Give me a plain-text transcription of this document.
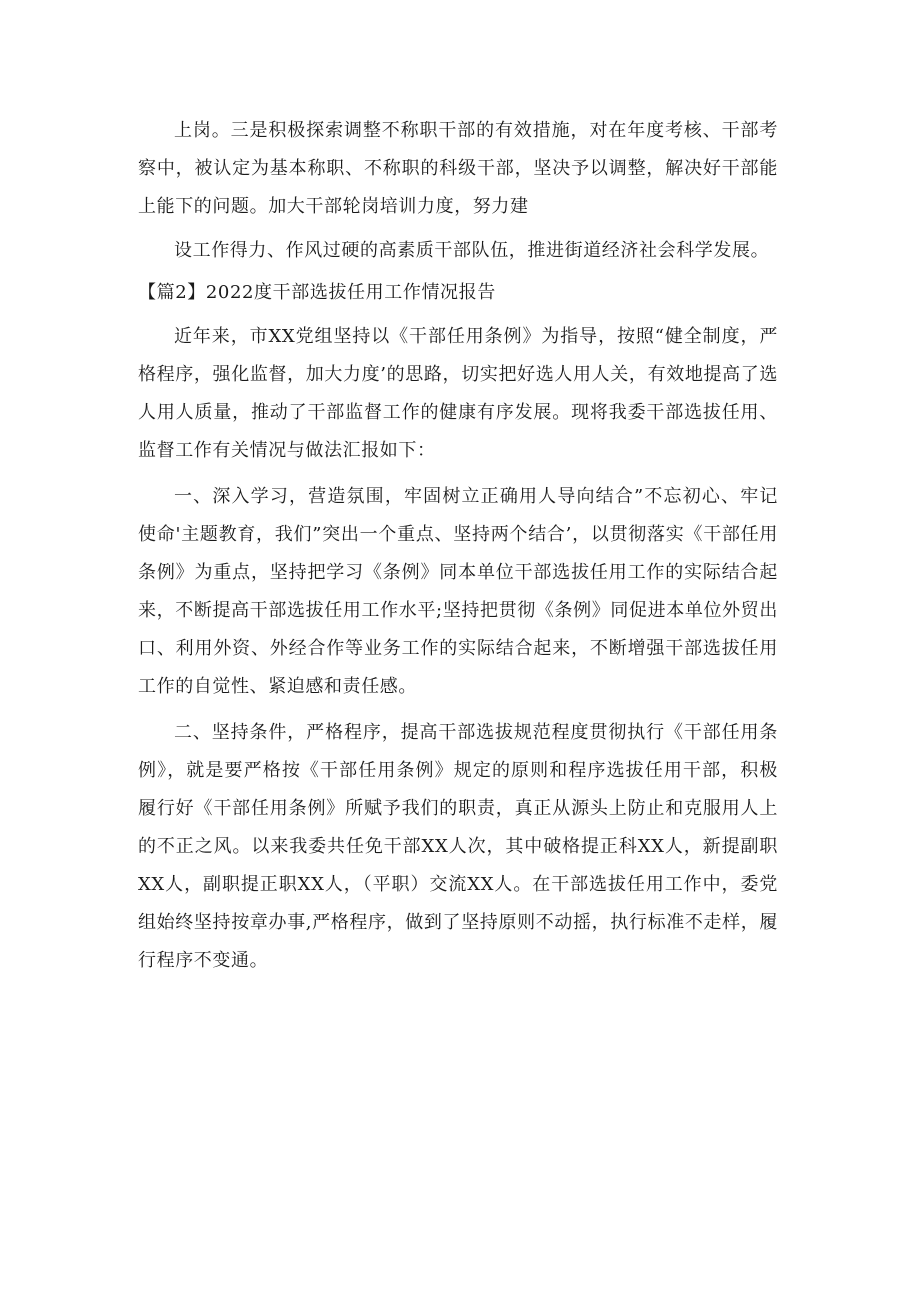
上岗。三是积极探索调整不称职干部的有效措施，对在年度考核、干部考察中，被认定为基本称职、不称职的科级干部，坚决予以调整，解决好干部能上能下的问题。加大干部轮岗培训力度，努力建

设工作得力、作风过硬的高素质干部队伍，推进街道经济社会科学发展。

【篇2】2022度干部选拔任用工作情况报告

近年来，市XX党组坚持以《干部任用条例》为指导，按照“健全制度，严格程序，强化监督，加大力度’的思路，切实把好选人用人关，有效地提高了选人用人质量，推动了干部监督工作的健康有序发展。现将我委干部选拔任用、监督工作有关情况与做法汇报如下：

一、深入学习，营造氛围，牢固树立正确用人导向结合”不忘初心、牢记使命'主题教育，我们”突出一个重点、坚持两个结合’，以贯彻落实《干部任用条例》为重点，坚持把学习《条例》同本单位干部选拔任用工作的实际结合起来，不断提高干部选拔任用工作水平;坚持把贯彻《条例》同促进本单位外贸出口、利用外资、外经合作等业务工作的实际结合起来，不断增强干部选拔任用工作的自觉性、紧迫感和责任感。

二、坚持条件，严格程序，提高干部选拔规范程度贯彻执行《干部任用条例》，就是要严格按《干部任用条例》规定的原则和程序选拔任用干部，积极履行好《干部任用条例》所赋予我们的职责，真正从源头上防止和克服用人上的不正之风。以来我委共任免干部XX人次，其中破格提正科XX人，新提副职XX人，副职提正职XX人，（平职）交流XX人。在干部选拔任用工作中，委党组始终坚持按章办事,严格程序，做到了坚持原则不动摇，执行标准不走样，履行程序不变通。
